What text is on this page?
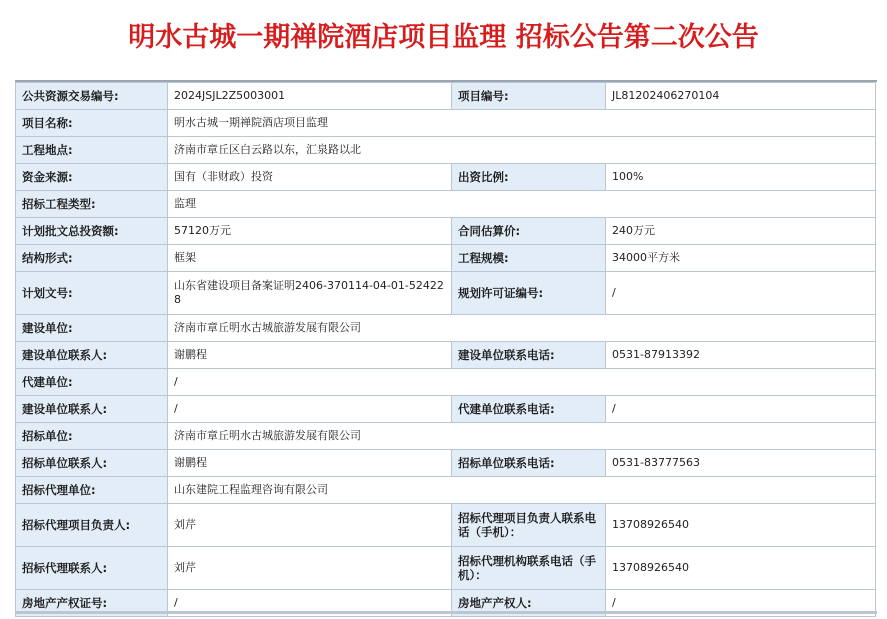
明水古城一期禅院酒店项目监理 招标公告第二次公告
公共资源交易编号:	2024JSJL2Z5003001	项目编号:	JL81202406270104
项目名称:	明水古城一期禅院酒店项目监理		
工程地点:	济南市章丘区白云路以东，汇泉路以北		
资金来源:	国有（非财政）投资	出资比例:	100%
招标工程类型:	监理		
计划批文总投资额:	57120万元	合同估算价:	240万元
结构形式:	框架	工程规模:	34000平方米
计划文号:	山东省建设项目备案证明2406-370114-04-01-524228	规划许可证编号:	/
建设单位:	济南市章丘明水古城旅游发展有限公司		
建设单位联系人:	谢鹏程	建设单位联系电话:	0531-87913392
代建单位:	/		
建设单位联系人:	/	代建单位联系电话:	/
招标单位:	济南市章丘明水古城旅游发展有限公司		
招标单位联系人:	谢鹏程	招标单位联系电话:	0531-83777563
招标代理单位:	山东建院工程监理咨询有限公司		
招标代理项目负责人:	刘芹	招标代理项目负责人联系电话（手机）：	13708926540
招标代理联系人:	刘芹	招标代理机构联系电话（手机）：	13708926540
房地产产权证号:	/	房地产产权人:	/
